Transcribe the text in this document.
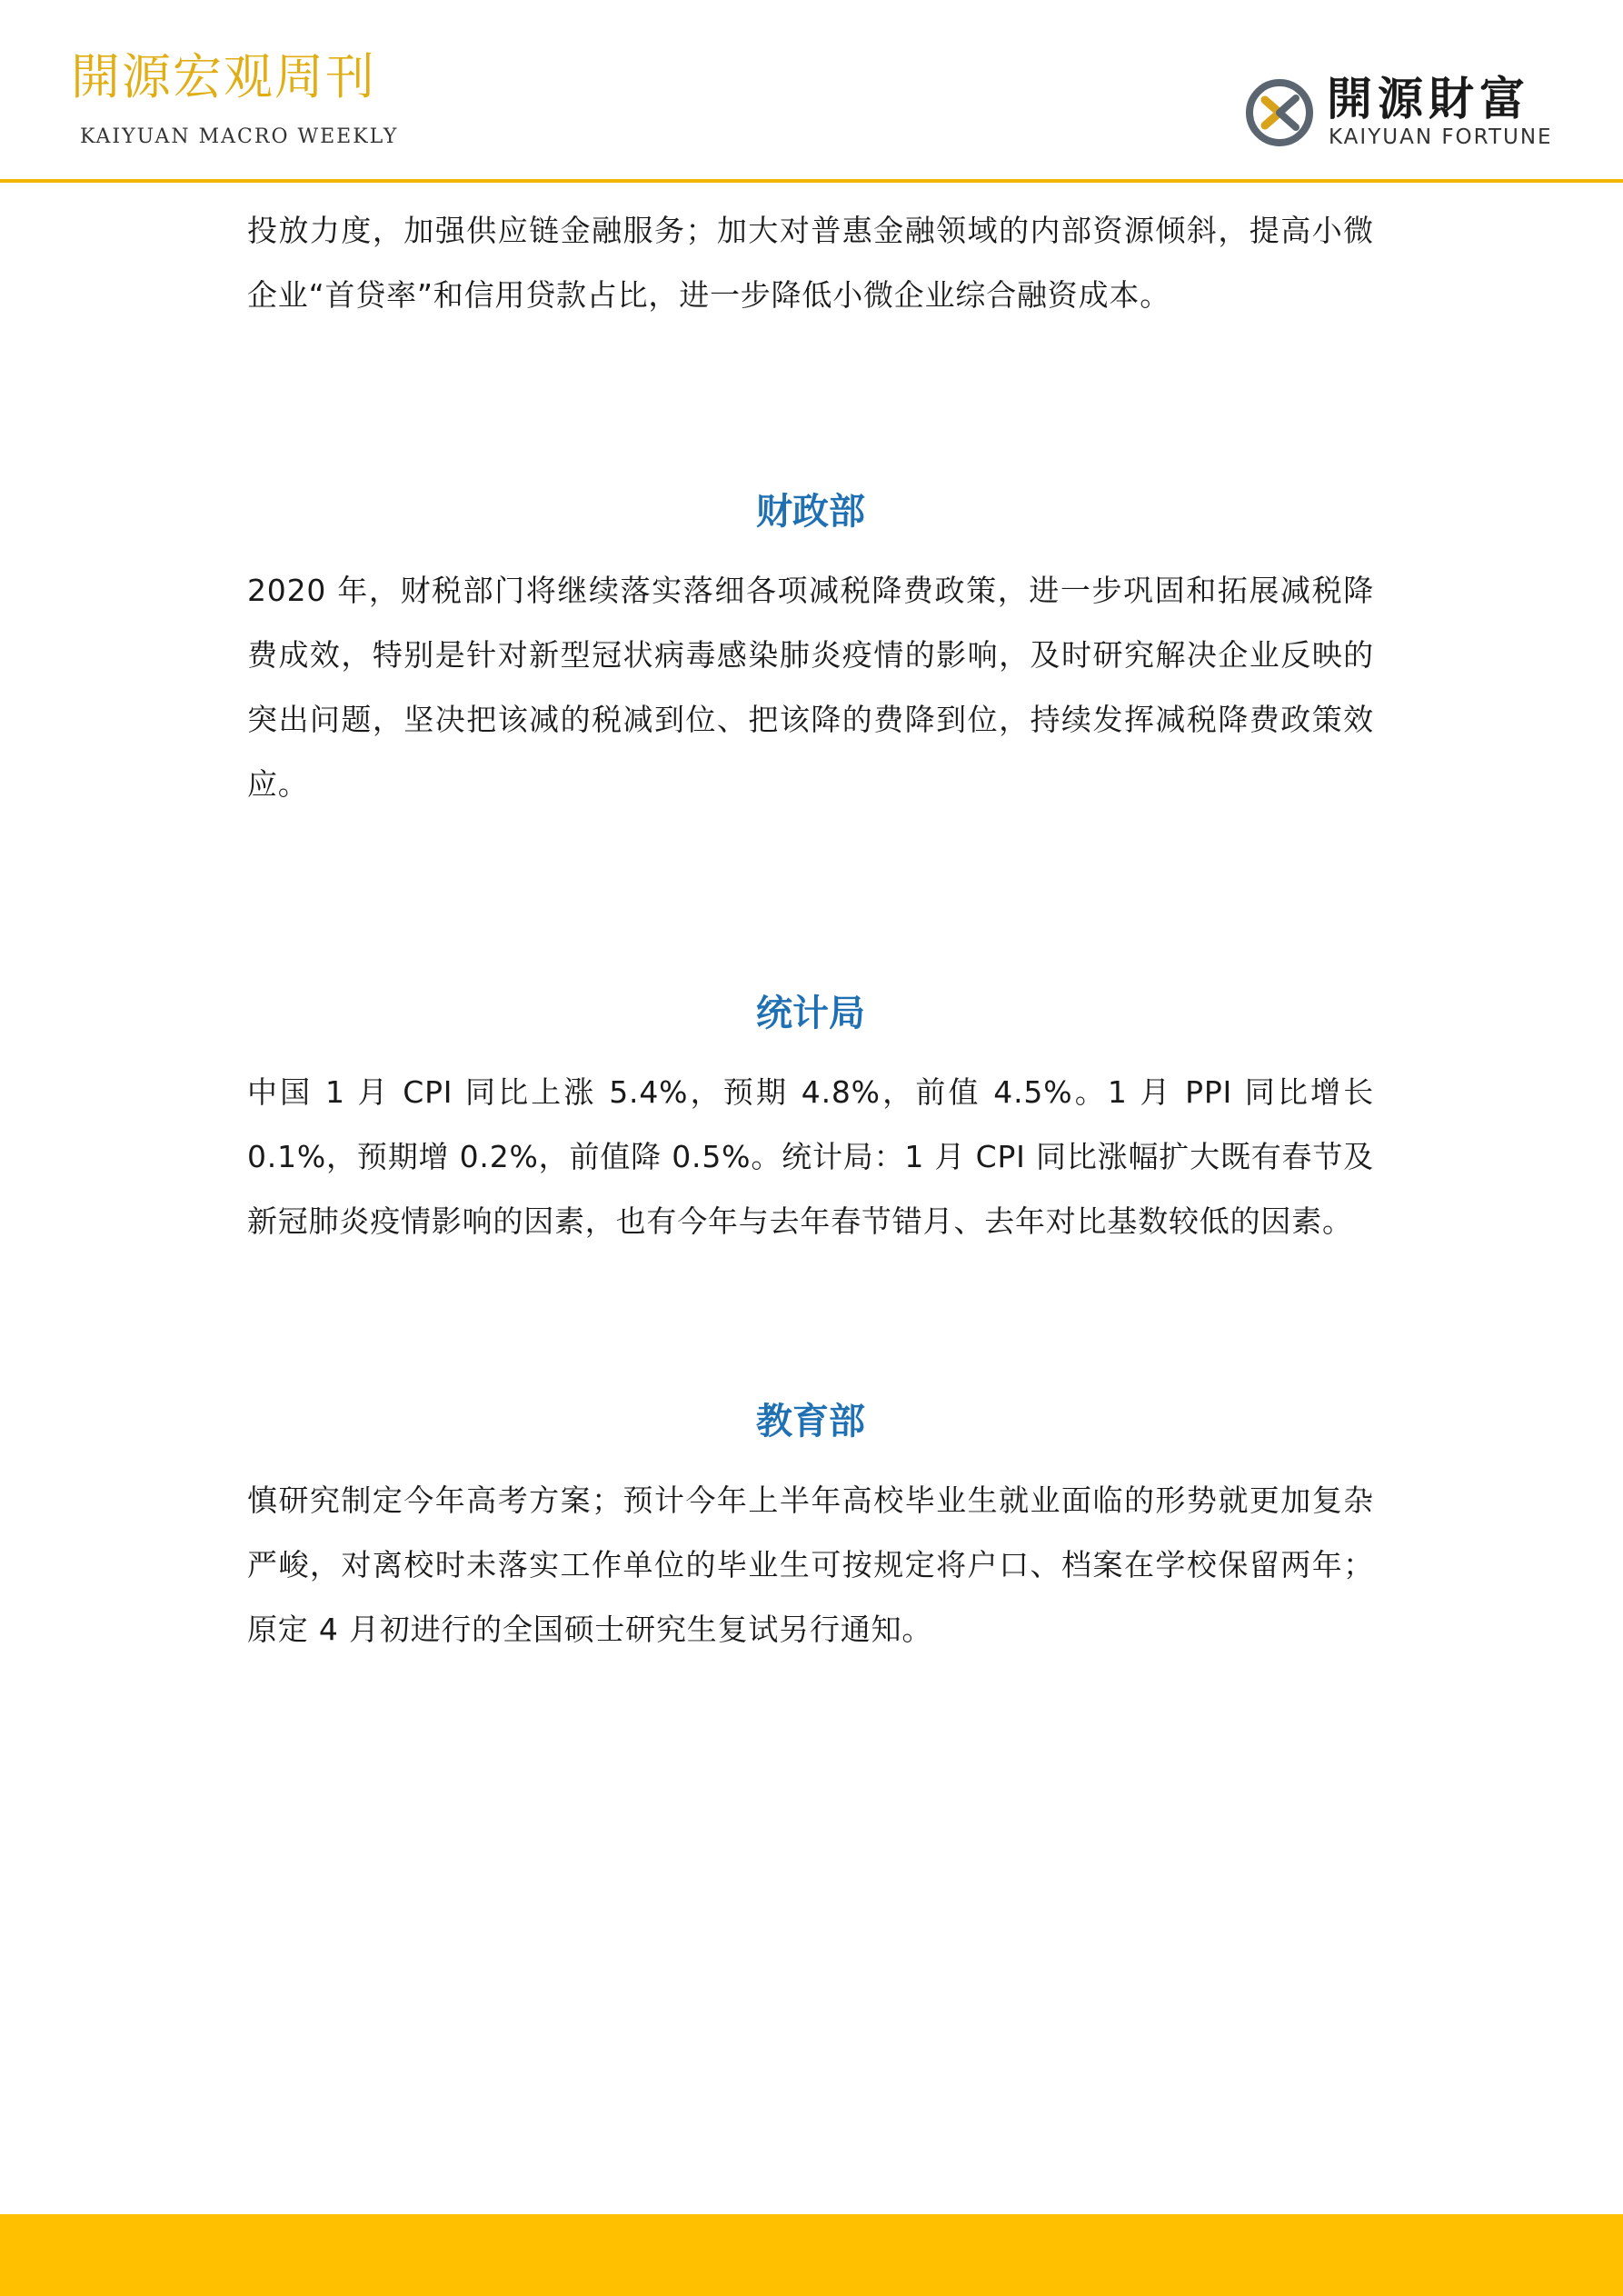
開源宏观周刊
KAIYUAN MACRO WEEKLY
開源財富
KAIYUAN FORTUNE

投放力度，加强供应链金融服务；加大对普惠金融领域的内部资源倾斜，提高小微企业“首贷率”和信用贷款占比，进一步降低小微企业综合融资成本。

财政部

2020 年，财税部门将继续落实落细各项减税降费政策，进一步巩固和拓展减税降费成效，特别是针对新型冠状病毒感染肺炎疫情的影响，及时研究解决企业反映的突出问题，坚决把该减的税减到位、把该降的费降到位，持续发挥减税降费政策效应。

统计局

中国 1 月 CPI 同比上涨 5.4%，预期 4.8%，前值 4.5%。1 月 PPI 同比增长 0.1%，预期增 0.2%，前值降 0.5%。统计局：1 月 CPI 同比涨幅扩大既有春节及新冠肺炎疫情影响的因素，也有今年与去年春节错月、去年对比基数较低的因素。

教育部

慎研究制定今年高考方案；预计今年上半年高校毕业生就业面临的形势就更加复杂严峻，对离校时未落实工作单位的毕业生可按规定将户口、档案在学校保留两年；原定 4 月初进行的全国硕士研究生复试另行通知。
